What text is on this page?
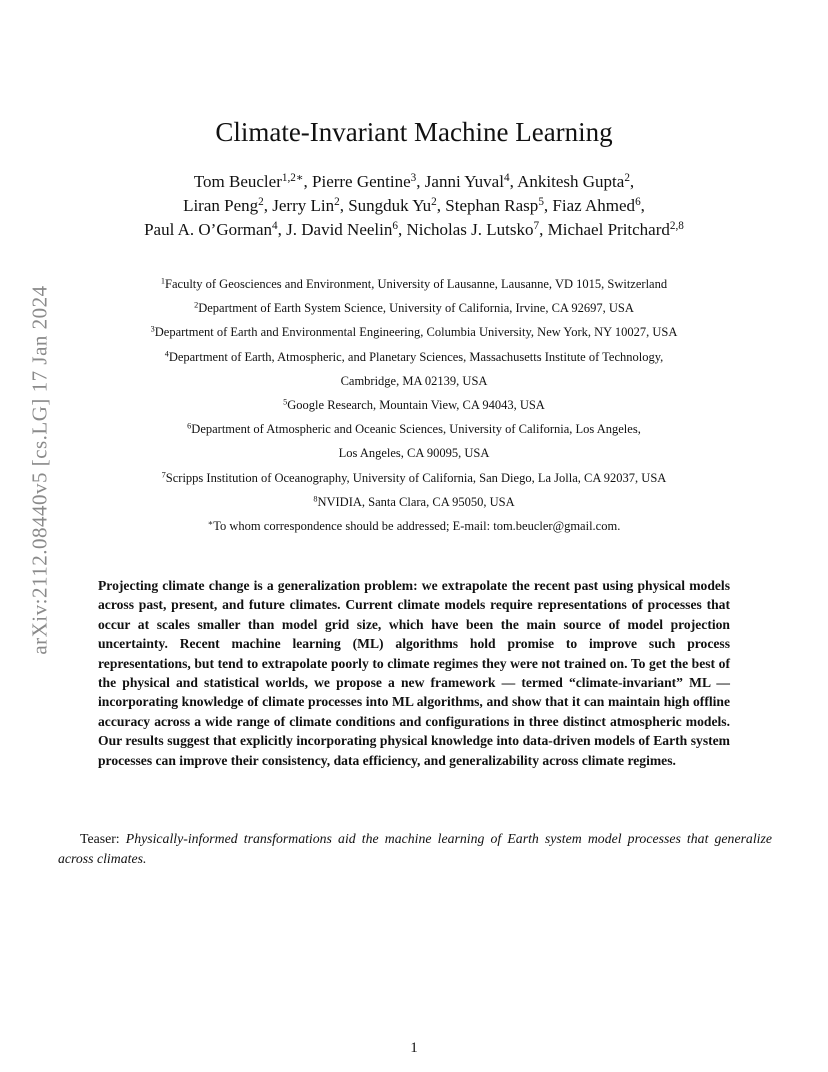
arXiv:2112.08440v5 [cs.LG] 17 Jan 2024
Climate-Invariant Machine Learning
Tom Beucler$^{1,2∗}$, Pierre Gentine$^3$, Janni Yuval$^4$, Ankitesh Gupta$^2$,
Liran Peng$^2$, Jerry Lin$^2$, Sungduk Yu$^2$, Stephan Rasp$^5$, Fiaz Ahmed$^6$,
Paul A. O’Gorman$^4$, J. David Neelin$^6$, Nicholas J. Lutsko$^7$, Michael Pritchard$^{2,8}$
$^1$Faculty of Geosciences and Environment, University of Lausanne, Lausanne, VD 1015, Switzerland
$^2$Department of Earth System Science, University of California, Irvine, CA 92697, USA
$^3$Department of Earth and Environmental Engineering, Columbia University, New York, NY 10027, USA
$^4$Department of Earth, Atmospheric, and Planetary Sciences, Massachusetts Institute of Technology,
Cambridge, MA 02139, USA
$^5$Google Research, Mountain View, CA 94043, USA
$^6$Department of Atmospheric and Oceanic Sciences, University of California, Los Angeles,
Los Angeles, CA 90095, USA
$^7$Scripps Institution of Oceanography, University of California, San Diego, La Jolla, CA 92037, USA
$^8$NVIDIA, Santa Clara, CA 95050, USA
∗To whom correspondence should be addressed; E-mail: tom.beucler@gmail.com.
Projecting climate change is a generalization problem: we extrapolate the recent past using physical models across past, present, and future climates. Current climate models require representations of processes that occur at scales smaller than model grid size, which have been the main source of model projection uncertainty. Recent machine learning (ML) algorithms hold promise to improve such process representations, but tend to extrapolate poorly to climate regimes they were not trained on. To get the best of the physical and statistical worlds, we propose a new framework — termed “climate-invariant” ML — incorporating knowledge of climate processes into ML algorithms, and show that it can maintain high offline accuracy across a wide range of climate conditions and configurations in three distinct atmospheric models. Our results suggest that explicitly incorporating physical knowledge into data-driven models of Earth system processes can improve their consistency, data efficiency, and generalizability across climate regimes.
Teaser: Physically-informed transformations aid the machine learning of Earth system model processes that generalize across climates.
1
